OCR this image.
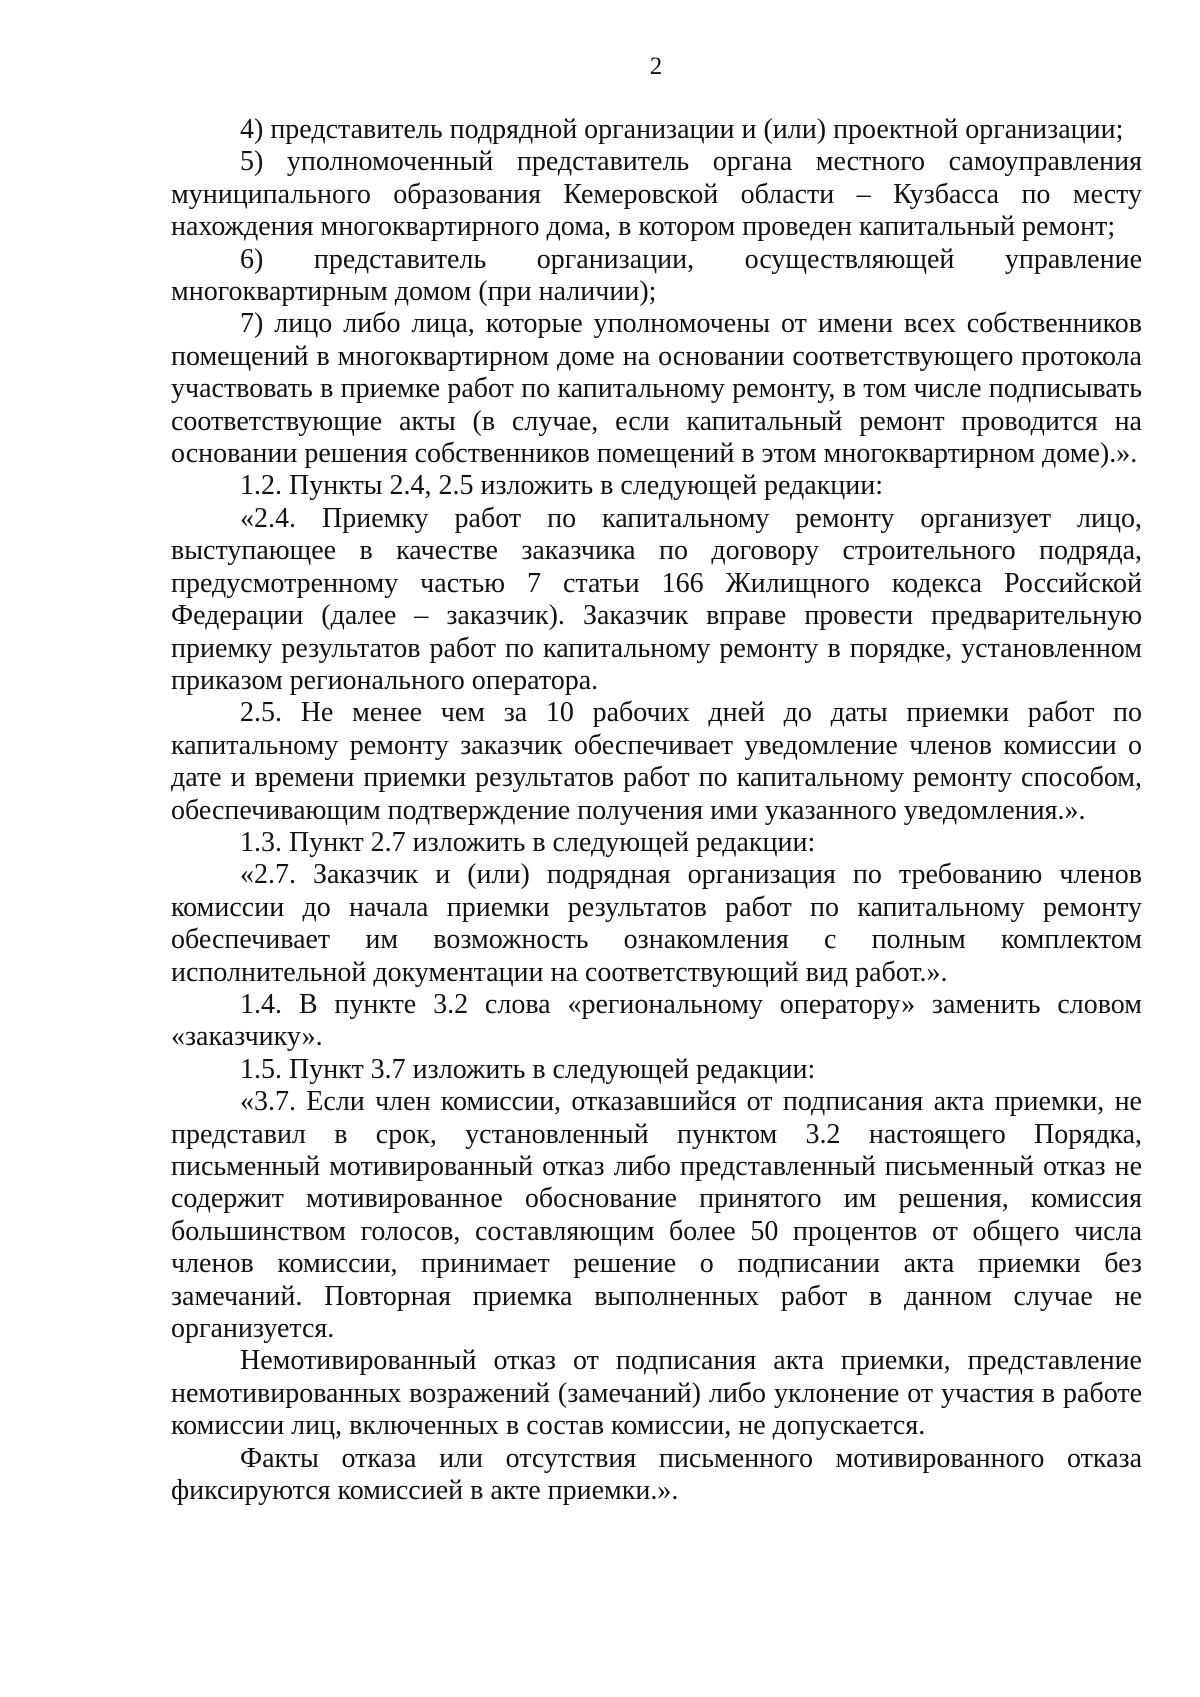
2

4) представитель подрядной организации и (или) проектной организации;

5) уполномоченный представитель органа местного самоуправления муниципального образования Кемеровской области – Кузбасса по месту нахождения многоквартирного дома, в котором проведен капитальный ремонт;

6) представитель организации, осуществляющей управление многоквартирным домом (при наличии);

7) лицо либо лица, которые уполномочены от имени всех собственников помещений в многоквартирном доме на основании соответствующего протокола участвовать в приемке работ по капитальному ремонту, в том числе подписывать соответствующие акты (в случае, если капитальный ремонт проводится на основании решения собственников помещений в этом многоквартирном доме).».

1.2. Пункты 2.4, 2.5 изложить в следующей редакции:

«2.4. Приемку работ по капитальному ремонту организует лицо, выступающее в качестве заказчика по договору строительного подряда, предусмотренному частью 7 статьи 166 Жилищного кодекса Российской Федерации (далее – заказчик). Заказчик вправе провести предварительную приемку результатов работ по капитальному ремонту в порядке, установленном приказом регионального оператора.

2.5. Не менее чем за 10 рабочих дней до даты приемки работ по капитальному ремонту заказчик обеспечивает уведомление членов комиссии о дате и времени приемки результатов работ по капитальному ремонту способом, обеспечивающим подтверждение получения ими указанного уведомления.».

1.3. Пункт 2.7 изложить в следующей редакции:

«2.7. Заказчик и (или) подрядная организация по требованию членов комиссии до начала приемки результатов работ по капитальному ремонту обеспечивает им возможность ознакомления с полным комплектом исполнительной документации на соответствующий вид работ.».

1.4. В пункте 3.2 слова «региональному оператору» заменить словом «заказчику».

1.5. Пункт 3.7 изложить в следующей редакции:

«3.7. Если член комиссии, отказавшийся от подписания акта приемки, не представил в срок, установленный пунктом 3.2 настоящего Порядка, письменный мотивированный отказ либо представленный письменный отказ не содержит мотивированное обоснование принятого им решения, комиссия большинством голосов, составляющим более 50 процентов от общего числа членов комиссии, принимает решение о подписании акта приемки без замечаний. Повторная приемка выполненных работ в данном случае не организуется.

Немотивированный отказ от подписания акта приемки, представление немотивированных возражений (замечаний) либо уклонение от участия в работе комиссии лиц, включенных в состав комиссии, не допускается.

Факты отказа или отсутствия письменного мотивированного отказа фиксируются комиссией в акте приемки.».
